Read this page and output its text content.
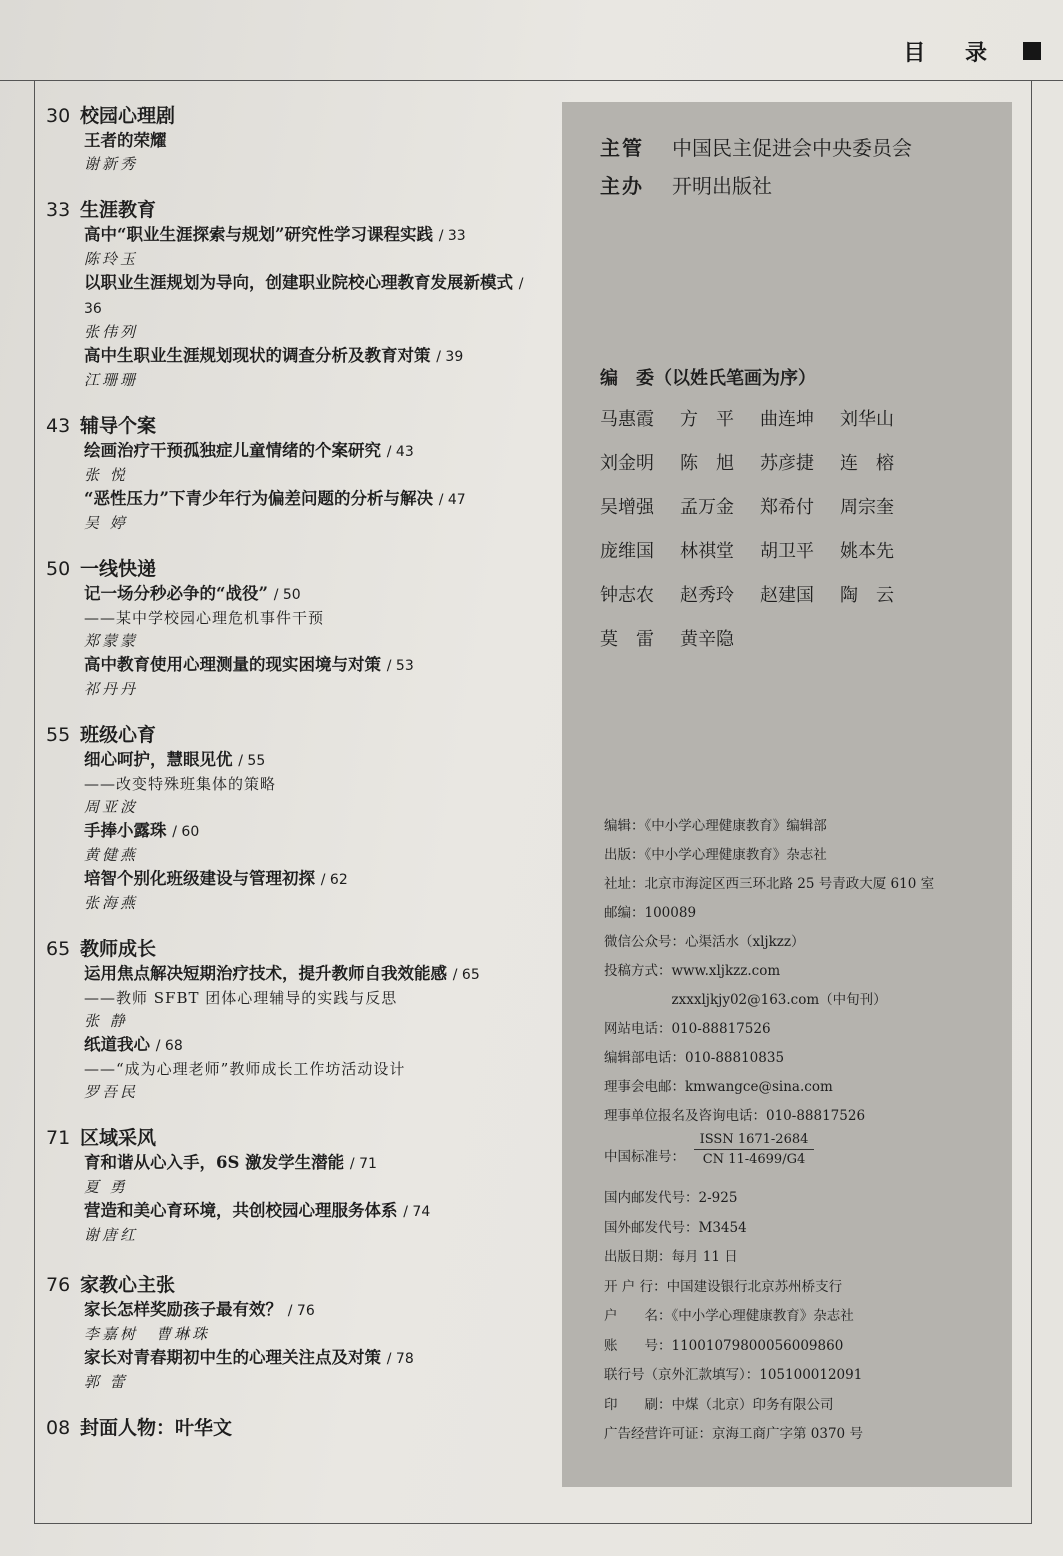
目 录
30 校园心理剧
王者的荣耀
谢新秀
33 生涯教育
高中“职业生涯探索与规划”研究性学习课程实践 / 33
陈玲玉
以职业生涯规划为导向，创建职业院校心理教育发展新模式 / 36
张伟列
高中生职业生涯规划现状的调查分析及教育对策 / 39
江珊珊
43 辅导个案
绘画治疗干预孤独症儿童情绪的个案研究 / 43
张 悦
“恶性压力”下青少年行为偏差问题的分析与解决 / 47
吴 婷
50 一线快递
记一场分秒必争的“战役” / 50
——某中学校园心理危机事件干预
郑蒙蒙
高中教育使用心理测量的现实困境与对策 / 53
祁丹丹
55 班级心育
细心呵护，慧眼见优 / 55
——改变特殊班集体的策略
周亚波
手捧小露珠 / 60
黄健燕
培智个别化班级建设与管理初探 / 62
张海燕
65 教师成长
运用焦点解决短期治疗技术，提升教师自我效能感 / 65
——教师 SFBT 团体心理辅导的实践与反思
张 静
纸道我心 / 68
——“成为心理老师”教师成长工作坊活动设计
罗吾民
71 区域采风
育和谐从心入手，6S 激发学生潜能 / 71
夏 勇
营造和美心育环境，共创校园心理服务体系 / 74
谢唐红
76 家教心主张
家长怎样奖励孩子最有效？ / 76
李嘉树　曹琳珠
家长对青春期初中生的心理关注点及对策 / 78
郭 蕾
08 封面人物：叶华文
主管 中国民主促进会中央委员会
主办 开明出版社
编　委（以姓氏笔画为序）
马惠霞 方　平 曲连坤 刘华山
刘金明 陈　旭 苏彦捷 连　榕
吴增强 孟万金 郑希付 周宗奎
庞维国 林祺堂 胡卫平 姚本先
钟志农 赵秀玲 赵建国 陶　云
莫　雷 黄辛隐
编辑：《中小学心理健康教育》编辑部
出版：《中小学心理健康教育》杂志社
社址：北京市海淀区西三环北路 25 号青政大厦 610 室
邮编：100089
微信公众号：心渠活水（xljkzz）
投稿方式：www.xljkzz.com
　　　　　zxxxljkjy02@163.com（中旬刊）
网站电话：010-88817526
编辑部电话：010-88810835
理事会电邮：kmwangce@sina.com
理事单位报名及咨询电话：010-88817526
中国标准号：
ISSN 1671-2684
CN 11-4699/G4
国内邮发代号：2-925
国外邮发代号：M3454
出版日期：每月 11 日
开 户 行：中国建设银行北京苏州桥支行
户　　名：《中小学心理健康教育》杂志社
账　　号：11001079800056009860
联行号（京外汇款填写）：105100012091
印　　刷：中煤（北京）印务有限公司
广告经营许可证：京海工商广字第 0370 号
